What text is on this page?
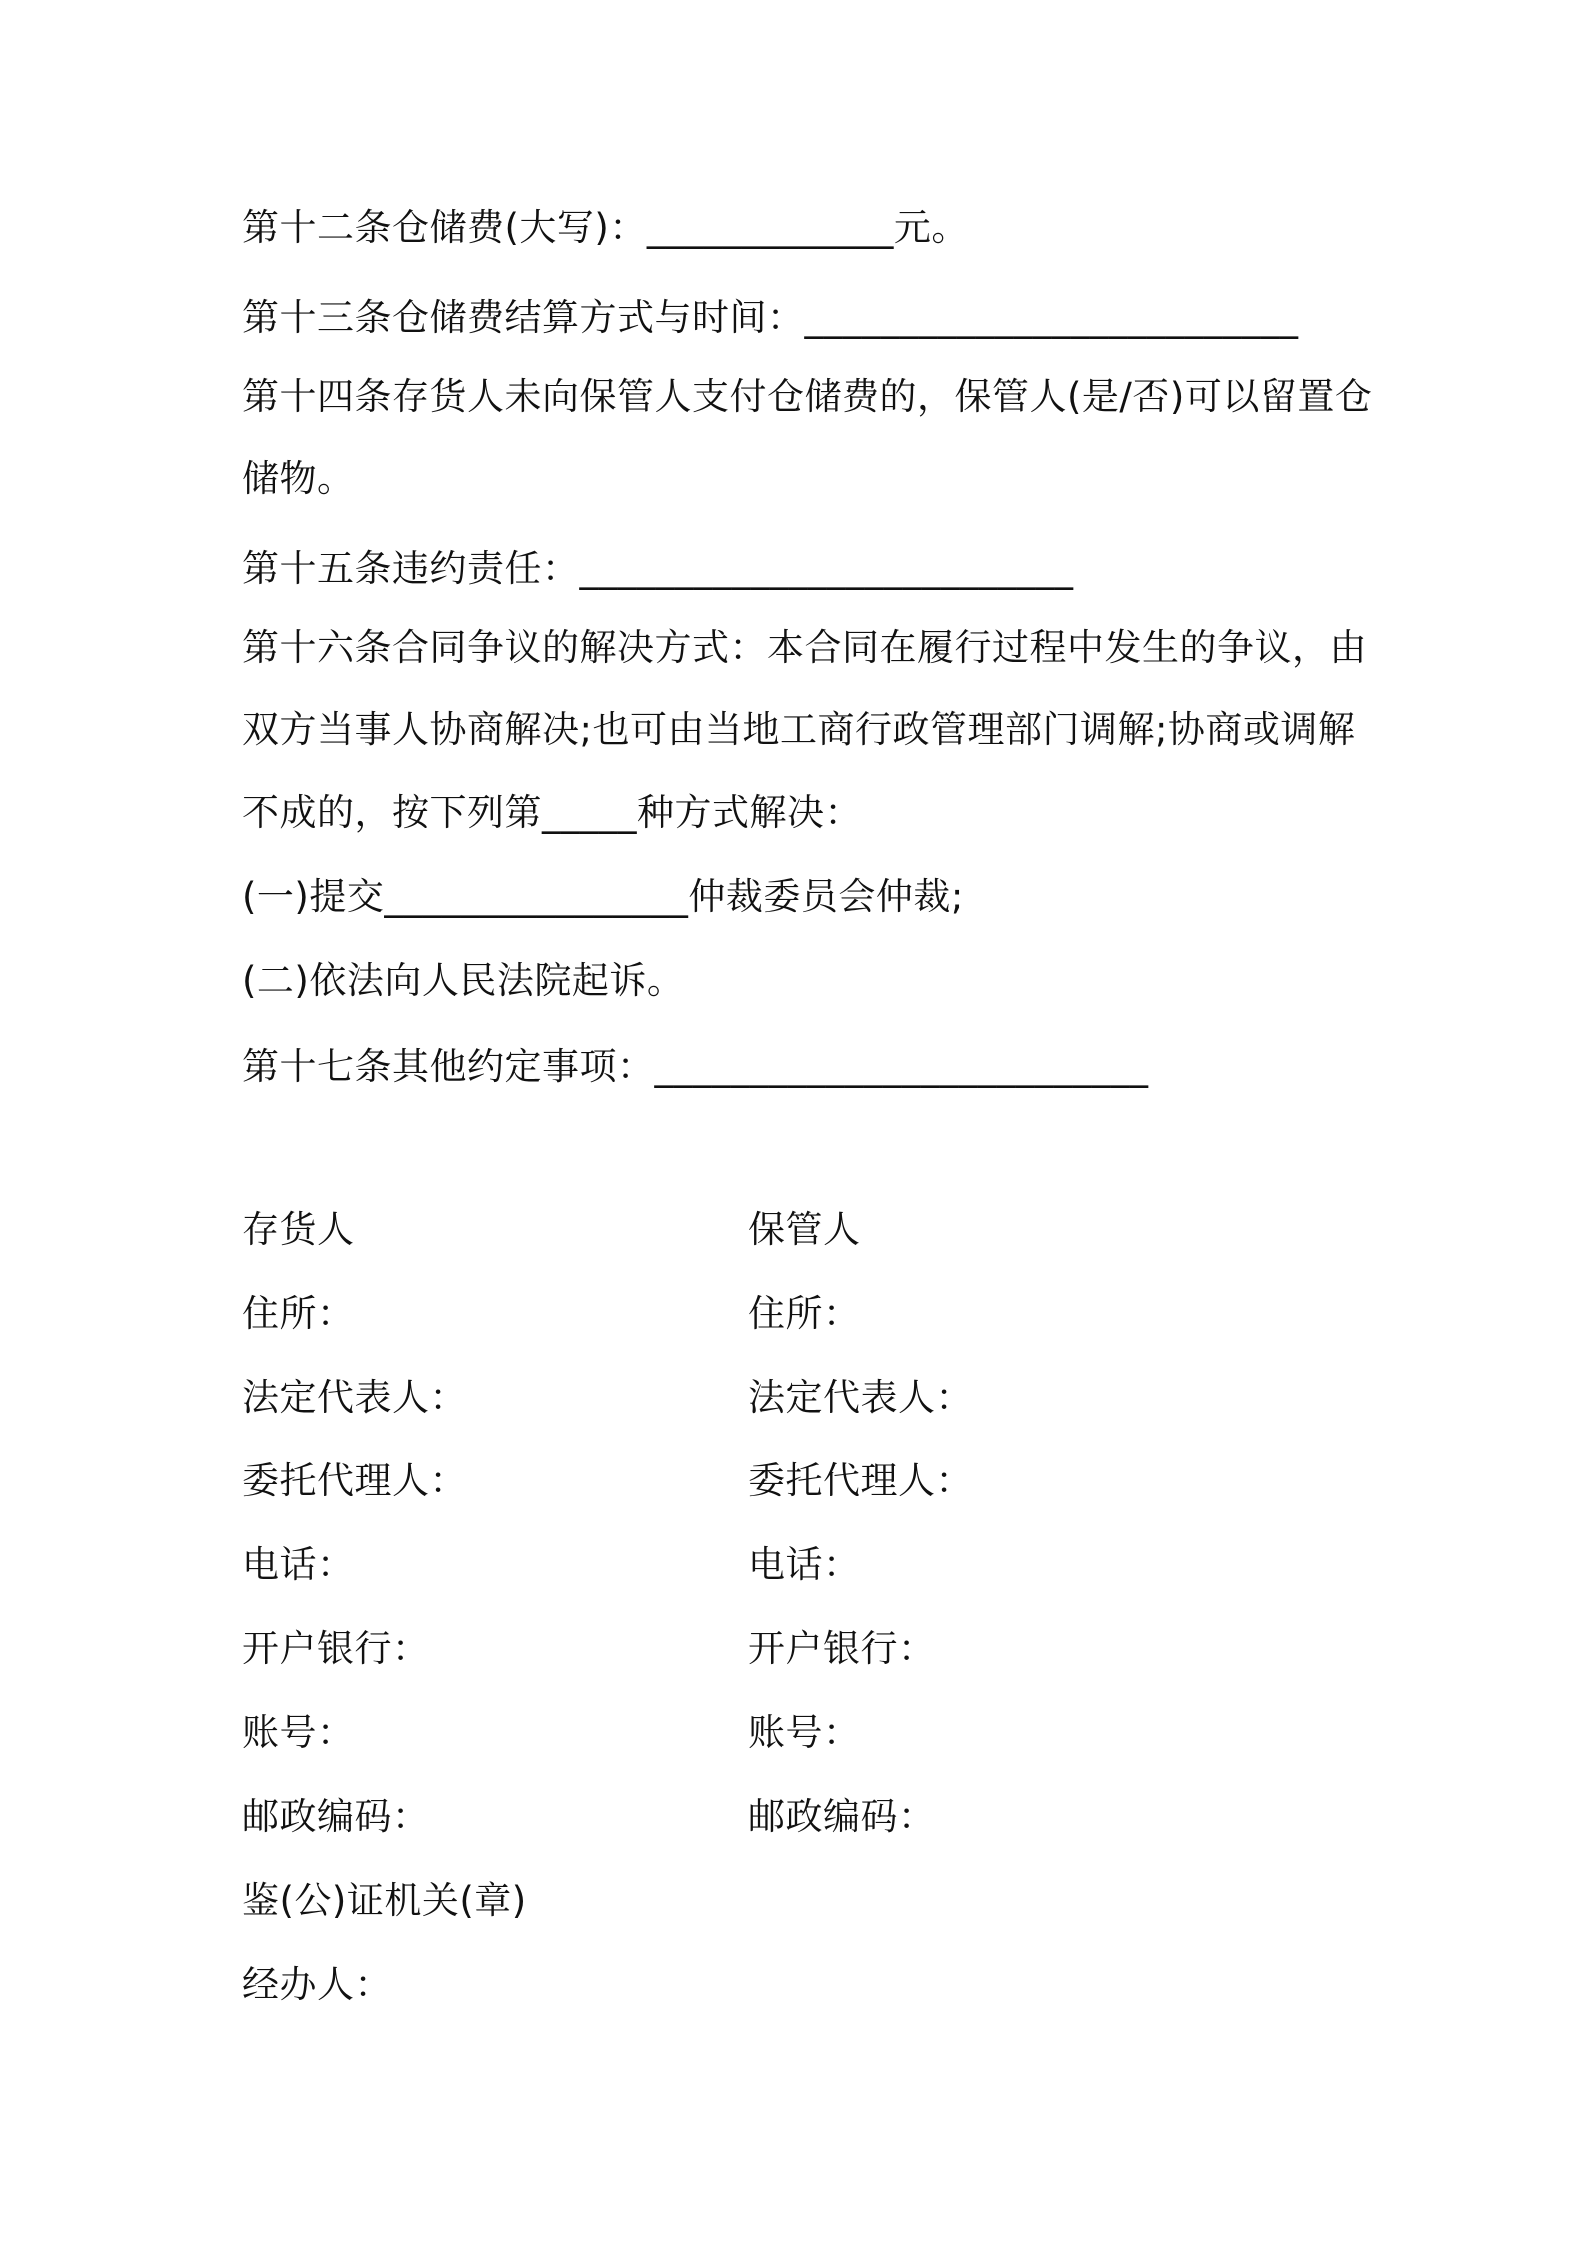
第十二条仓储费(大写)：_____________元。
第十三条仓储费结算方式与时间：__________________________
第十四条存货人未向保管人支付仓储费的，保管人(是/否)可以留置仓
储物。
第十五条违约责任：__________________________
第十六条合同争议的解决方式：本合同在履行过程中发生的争议，由
双方当事人协商解决;也可由当地工商行政管理部门调解;协商或调解
不成的，按下列第_____种方式解决：
(一)提交________________仲裁委员会仲裁;
(二)依法向人民法院起诉。
第十七条其他约定事项：__________________________
存货人
住所：
法定代表人：
委托代理人：
电话：
开户银行：
账号：
邮政编码：
保管人
住所：
法定代表人：
委托代理人：
电话：
开户银行：
账号：
邮政编码：
鉴(公)证机关(章)
经办人：
